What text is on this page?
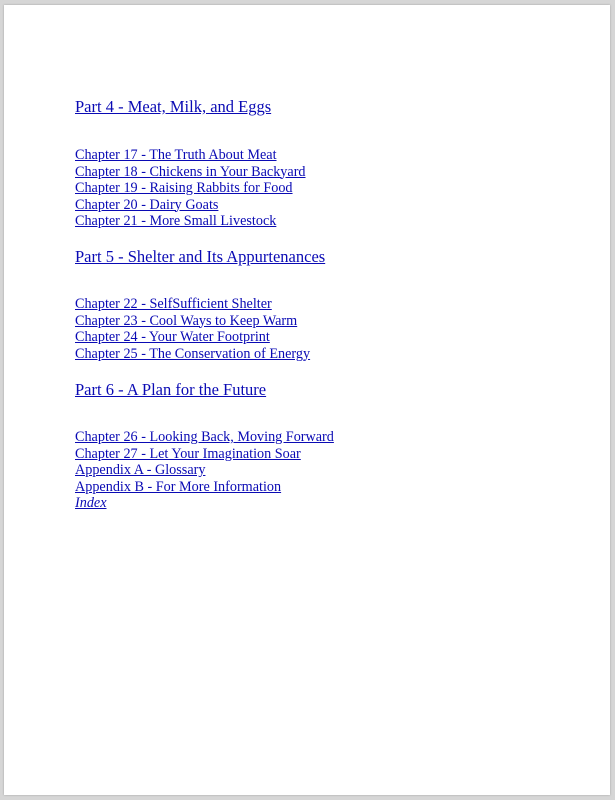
Part 4 - Meat, Milk, and Eggs
Chapter 17 - The Truth About Meat
Chapter 18 - Chickens in Your Backyard
Chapter 19 - Raising Rabbits for Food
Chapter 20 - Dairy Goats
Chapter 21 - More Small Livestock
Part 5 - Shelter and Its Appurtenances
Chapter 22 - SelfSufficient Shelter
Chapter 23 - Cool Ways to Keep Warm
Chapter 24 - Your Water Footprint
Chapter 25 - The Conservation of Energy
Part 6 - A Plan for the Future
Chapter 26 - Looking Back, Moving Forward
Chapter 27 - Let Your Imagination Soar
Appendix A - Glossary
Appendix B - For More Information
Index
